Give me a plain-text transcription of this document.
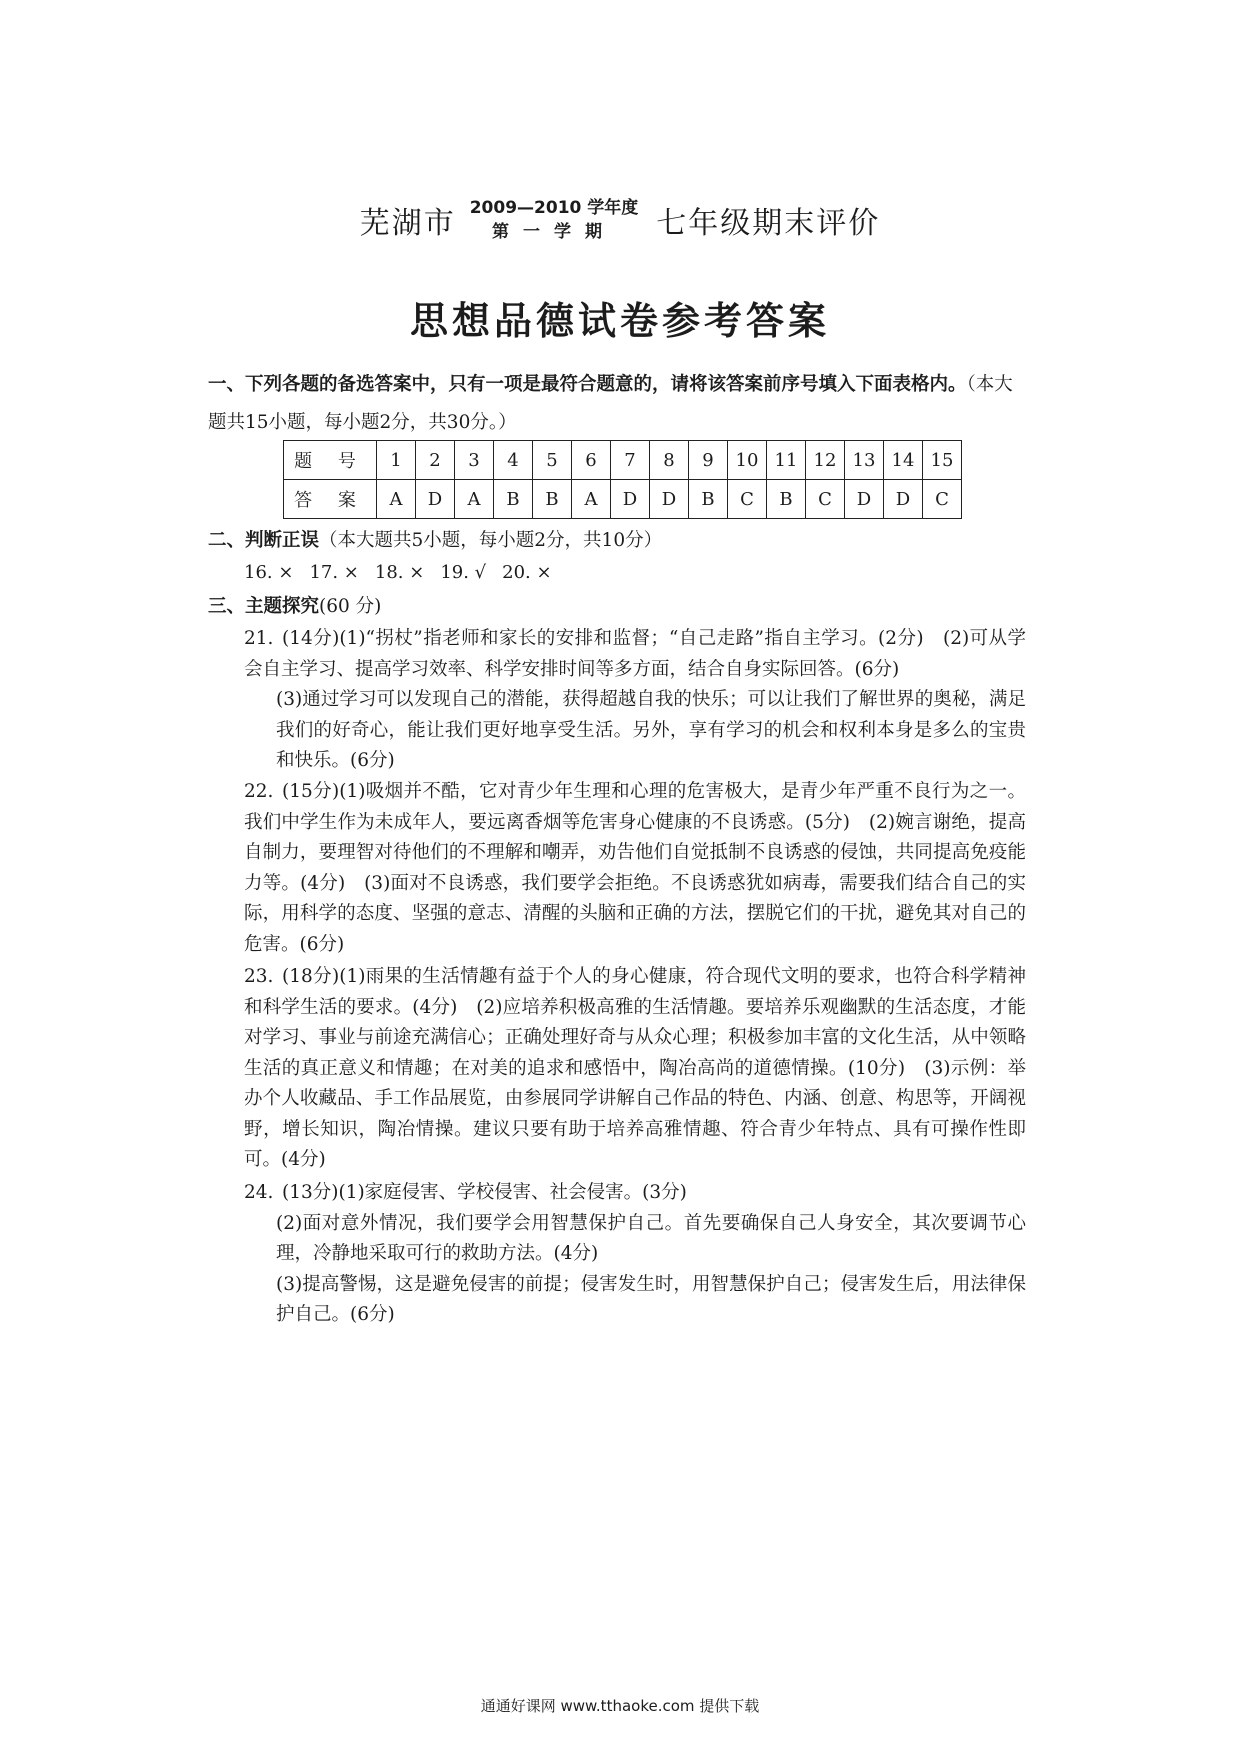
芜湖市 2009—2010 学年度
第一学期 七年级期末评价
思想品德试卷参考答案
一、下列各题的备选答案中，只有一项是最符合题意的，请将该答案前序号填入下面表格内。（本大题共15小题，每小题2分，共30分。）
题 号	1	2	3	4	5	6	7	8	9	10	11	12	13	14	15
答 案	A	D	A	B	B	A	D	D	B	C	B	C	D	D	C
二、判断正误（本大题共5小题，每小题2分，共10分）
16. × 17. × 18. × 19. √ 20. ×
三、主题探究(60 分)

21. (14分)(1)“拐杖”指老师和家长的安排和监督；“自己走路”指自主学习。(2分)　(2)可从学会自主学习、提高学习效率、科学安排时间等多方面，结合自身实际回答。(6分)

(3)通过学习可以发现自己的潜能，获得超越自我的快乐；可以让我们了解世界的奥秘，满足我们的好奇心，能让我们更好地享受生活。另外，享有学习的机会和权利本身是多么的宝贵和快乐。(6分)

22. (15分)(1)吸烟并不酷，它对青少年生理和心理的危害极大，是青少年严重不良行为之一。我们中学生作为未成年人，要远离香烟等危害身心健康的不良诱惑。(5分)　(2)婉言谢绝，提高自制力，要理智对待他们的不理解和嘲弄，劝告他们自觉抵制不良诱惑的侵蚀，共同提高免疫能力等。(4分)　(3)面对不良诱惑，我们要学会拒绝。不良诱惑犹如病毒，需要我们结合自己的实际，用科学的态度、坚强的意志、清醒的头脑和正确的方法，摆脱它们的干扰，避免其对自己的危害。(6分)

23. (18分)(1)雨果的生活情趣有益于个人的身心健康，符合现代文明的要求，也符合科学精神和科学生活的要求。(4分)　(2)应培养积极高雅的生活情趣。要培养乐观幽默的生活态度，才能对学习、事业与前途充满信心；正确处理好奇与从众心理；积极参加丰富的文化生活，从中领略生活的真正意义和情趣；在对美的追求和感悟中，陶冶高尚的道德情操。(10分)　(3)示例：举办个人收藏品、手工作品展览，由参展同学讲解自己作品的特色、内涵、创意、构思等，开阔视野，增长知识，陶冶情操。建议只要有助于培养高雅情趣、符合青少年特点、具有可操作性即可。(4分)

24. (13分)(1)家庭侵害、学校侵害、社会侵害。(3分)

(2)面对意外情况，我们要学会用智慧保护自己。首先要确保自己人身安全，其次要调节心理，冷静地采取可行的救助方法。(4分)

(3)提高警惕，这是避免侵害的前提；侵害发生时，用智慧保护自己；侵害发生后，用法律保护自己。(6分)

通通好课网 www.tthaoke.com 提供下载
